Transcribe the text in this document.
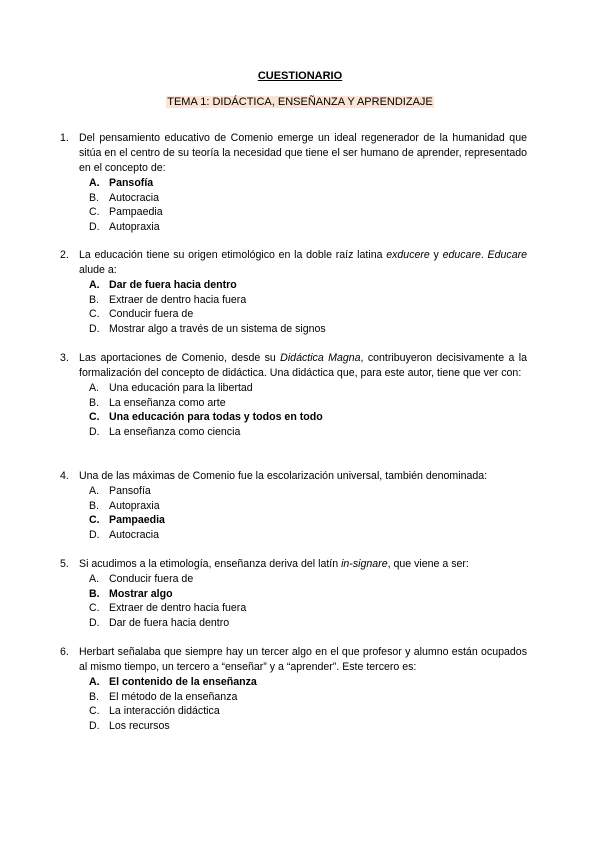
CUESTIONARIO
TEMA 1: DIDÁCTICA, ENSEÑANZA Y APRENDIZAJE
1. Del pensamiento educativo de Comenio emerge un ideal regenerador de la humanidad que sitúa en el centro de su teoría la necesidad que tiene el ser humano de aprender, representado en el concepto de:
A. Pansofía
B. Autocracia
C. Pampaedia
D. Autopraxia
2. La educación tiene su origen etimológico en la doble raíz latina exducere y educare. Educare alude a:
A. Dar de fuera hacia dentro
B. Extraer de dentro hacia fuera
C. Conducir fuera de
D. Mostrar algo a través de un sistema de signos
3. Las aportaciones de Comenio, desde su Didáctica Magna, contribuyeron decisivamente a la formalización del concepto de didáctica. Una didáctica que, para este autor, tiene que ver con:
A. Una educación para la libertad
B. La enseñanza como arte
C. Una educación para todas y todos en todo
D. La enseñanza como ciencia
4. Una de las máximas de Comenio fue la escolarización universal, también denominada:
A. Pansofía
B. Autopraxia
C. Pampaedia
D. Autocracia
5. Si acudimos a la etimología, enseñanza deriva del latín in-signare, que viene a ser:
A. Conducir fuera de
B. Mostrar algo
C. Extraer de dentro hacia fuera
D. Dar de fuera hacia dentro
6. Herbart señalaba que siempre hay un tercer algo en el que profesor y alumno están ocupados al mismo tiempo, un tercero a “enseñar” y a “aprender”. Este tercero es:
A. El contenido de la enseñanza
B. El método de la enseñanza
C. La interacción didáctica
D. Los recursos
